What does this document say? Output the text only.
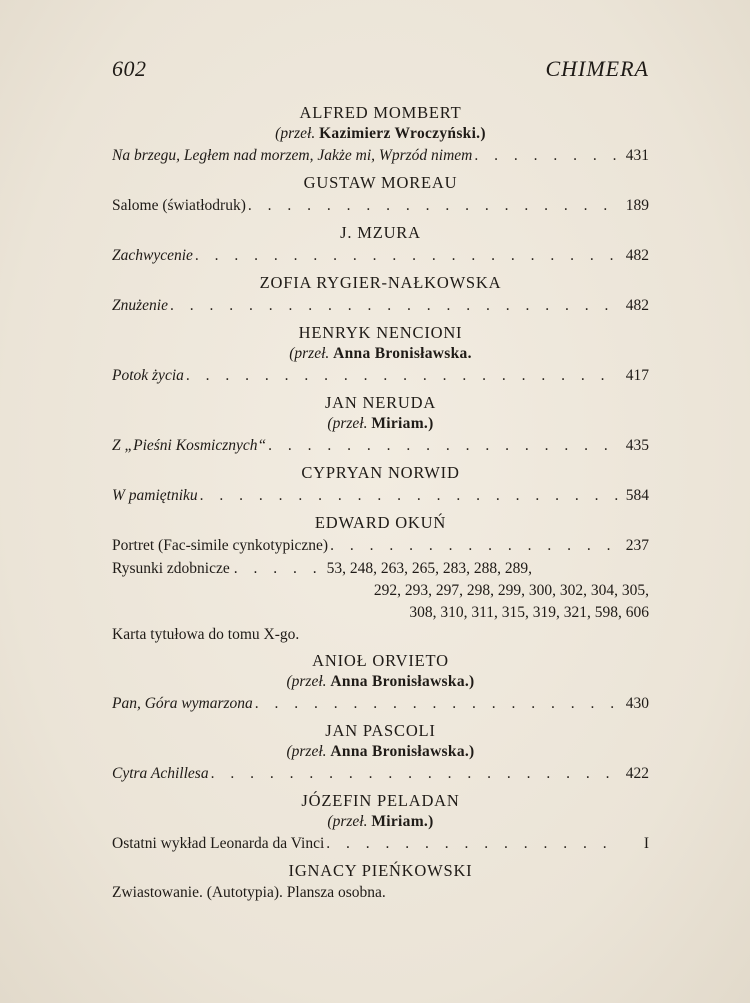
602	CHIMERA
ALFRED MOMBERT
(przeł. Kazimierz Wroczyński.)
Na brzegu, Ległem nad morzem, Jakże mi, Wprzód nimem . . .	431
GUSTAW MOREAU
Salome (światłodruk) . . .	189
J. MZURA
Zachwycenie . . .	482
ZOFIA RYGIER-NAŁKOWSKA
Znużenie . . .	482
HENRYK NENCIONI
(przeł. Anna Bronisławska.
Potok życia . . .	417
JAN NERUDA
(przeł. Miriam.)
Z „Pieśni Kosmicznych“ . . .	435
CYPRYAN NORWID
W pamiętniku . . .	584
EDWARD OKUŃ
Portret (Fac-simile cynkotypiczne) . . .	237
Rysunki zdobnicze . . . . . 53, 248, 263, 265, 283, 288, 289,
292, 293, 297, 298, 299, 300, 302, 304, 305,
308, 310, 311, 315, 319, 321, 598, 606
Karta tytułowa do tomu X-go.
ANIOŁ ORVIETO
(przeł. Anna Bronisławska.)
Pan, Góra wymarzona . . .	430
JAN PASCOLI
(przeł. Anna Bronisławska.)
Cytra Achillesa . . .	422
JÓZEFIN PELADAN
(przeł. Miriam.)
Ostatni wykład Leonarda da Vinci . . .	I
IGNACY PIEŃKOWSKI
Zwiastowanie. (Autotypia). Plansza osobna.
